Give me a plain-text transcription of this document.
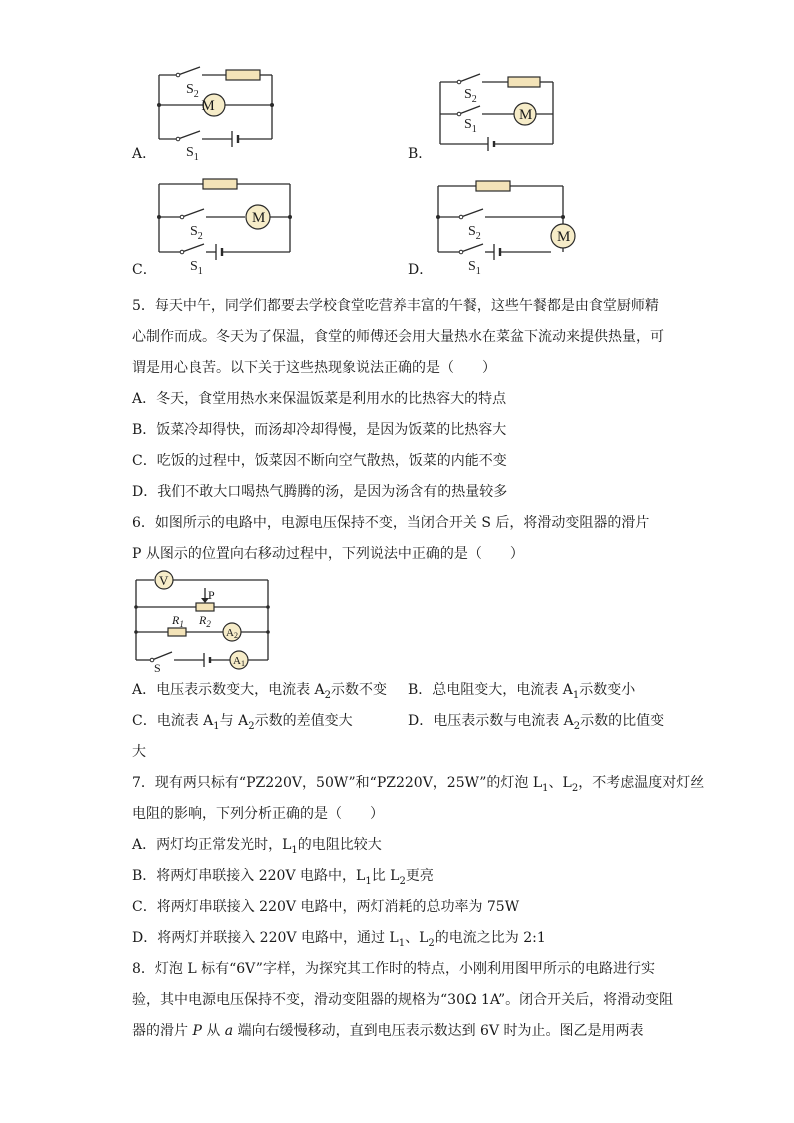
A．
M
$S_2$
$S_1$	B．
M
$S_2$
$S_1$
C．
M
$S_2$
$S_1$	D．
M
$S_2$
$S_1$
5．每天中午，同学们都要去学校食堂吃营养丰富的午餐，这些午餐都是由食堂厨师精
心制作而成。冬天为了保温，食堂的师傅还会用大量热水在菜盆下流动来提供热量，可
谓是用心良苦。以下关于这些热现象说法正确的是（　　）
A．冬天，食堂用热水来保温饭菜是利用水的比热容大的特点
B．饭菜冷却得快，而汤却冷却得慢，是因为饭菜的比热容大
C．吃饭的过程中，饭菜因不断向空气散热，饭菜的内能不变
D．我们不敢大口喝热气腾腾的汤，是因为汤含有的热量较多
6．如图所示的电路中，电源电压保持不变，当闭合开关 S 后，将滑动变阻器的滑片
P 从图示的位置向右移动过程中，下列说法中正确的是（　　）
V
P
$R_2$
$R_1$
A2
A1
S
A．电压表示数变大，电流表 $A_2$示数不变 B．总电阻变大，电流表 $A_1$示数变小
C．电流表 $A_1$与 $A_2$示数的差值变大	D．电压表示数与电流表 $A_2$示数的比值变
大
7．现有两只标有“PZ220V，50W”和“PZ220V，25W”的灯泡 $L_1$、$L_2$，不考虑温度对灯丝
电阻的影响，下列分析正确的是（　　）
A．两灯均正常发光时，$L_1$的电阻比较大
B．将两灯串联接入 220V 电路中，$L_1$比 $L_2$更亮
C．将两灯串联接入 220V 电路中，两灯消耗的总功率为 75W
D．将两灯并联接入 220V 电路中，通过 $L_1$、$L_2$的电流之比为 2:1
8．灯泡 L 标有“6V”字样，为探究其工作时的特点，小刚利用图甲所示的电路进行实
验，其中电源电压保持不变，滑动变阻器的规格为“30Ω 1A”。闭合开关后，将滑动变阻
器的滑片 P 从 a 端向右缓慢移动，直到电压表示数达到 6V 时为止。图乙是用两表
